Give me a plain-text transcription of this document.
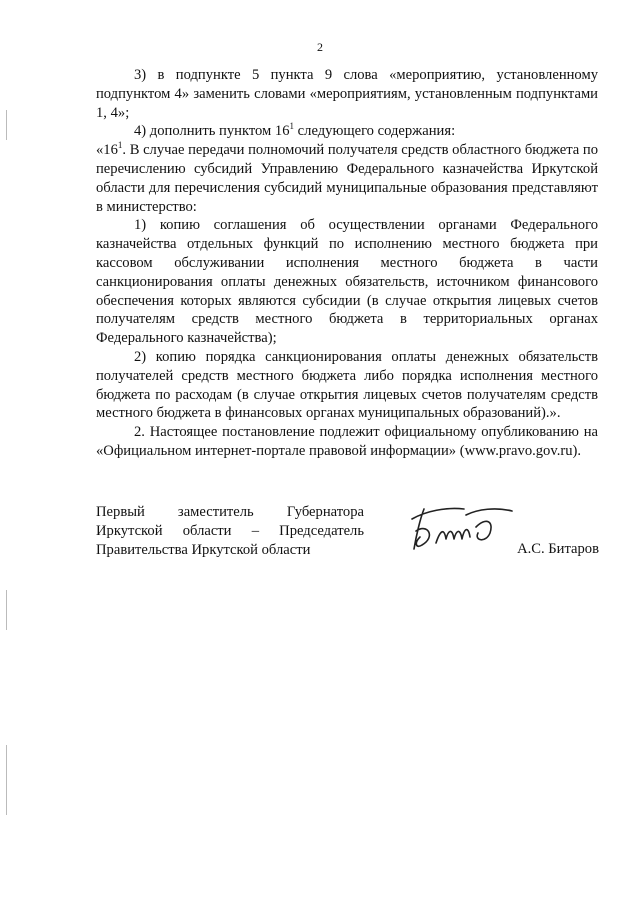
2

3) в подпункте 5 пункта 9 слова «мероприятию, установленному подпунктом 4» заменить словами «мероприятиям, установленным подпунктами 1, 4»;

4) дополнить пунктом $16^1$ следующего содержания:

«$16^1$. В случае передачи полномочий получателя средств областного бюджета по перечислению субсидий Управлению Федерального казначейства Иркутской области для перечисления субсидий муниципальные образования представляют в министерство:

1) копию соглашения об осуществлении органами Федерального казначейства отдельных функций по исполнению местного бюджета при кассовом обслуживании исполнения местного бюджета в части санкционирования оплаты денежных обязательств, источником финансового обеспечения которых являются субсидии (в случае открытия лицевых счетов получателям средств местного бюджета в территориальных органах Федерального казначейства);

2) копию порядка санкционирования оплаты денежных обязательств получателей средств местного бюджета либо порядка исполнения местного бюджета по расходам (в случае открытия лицевых счетов получателям средств местного бюджета в финансовых органах муниципальных образований).».

2. Настоящее постановление подлежит официальному опубликованию на «Официальном интернет-портале правовой информации» (www.pravo.gov.ru).

Первый заместитель Губернатора
Иркутской области – Председатель
Правительства Иркутской области	А.С. Битаров
